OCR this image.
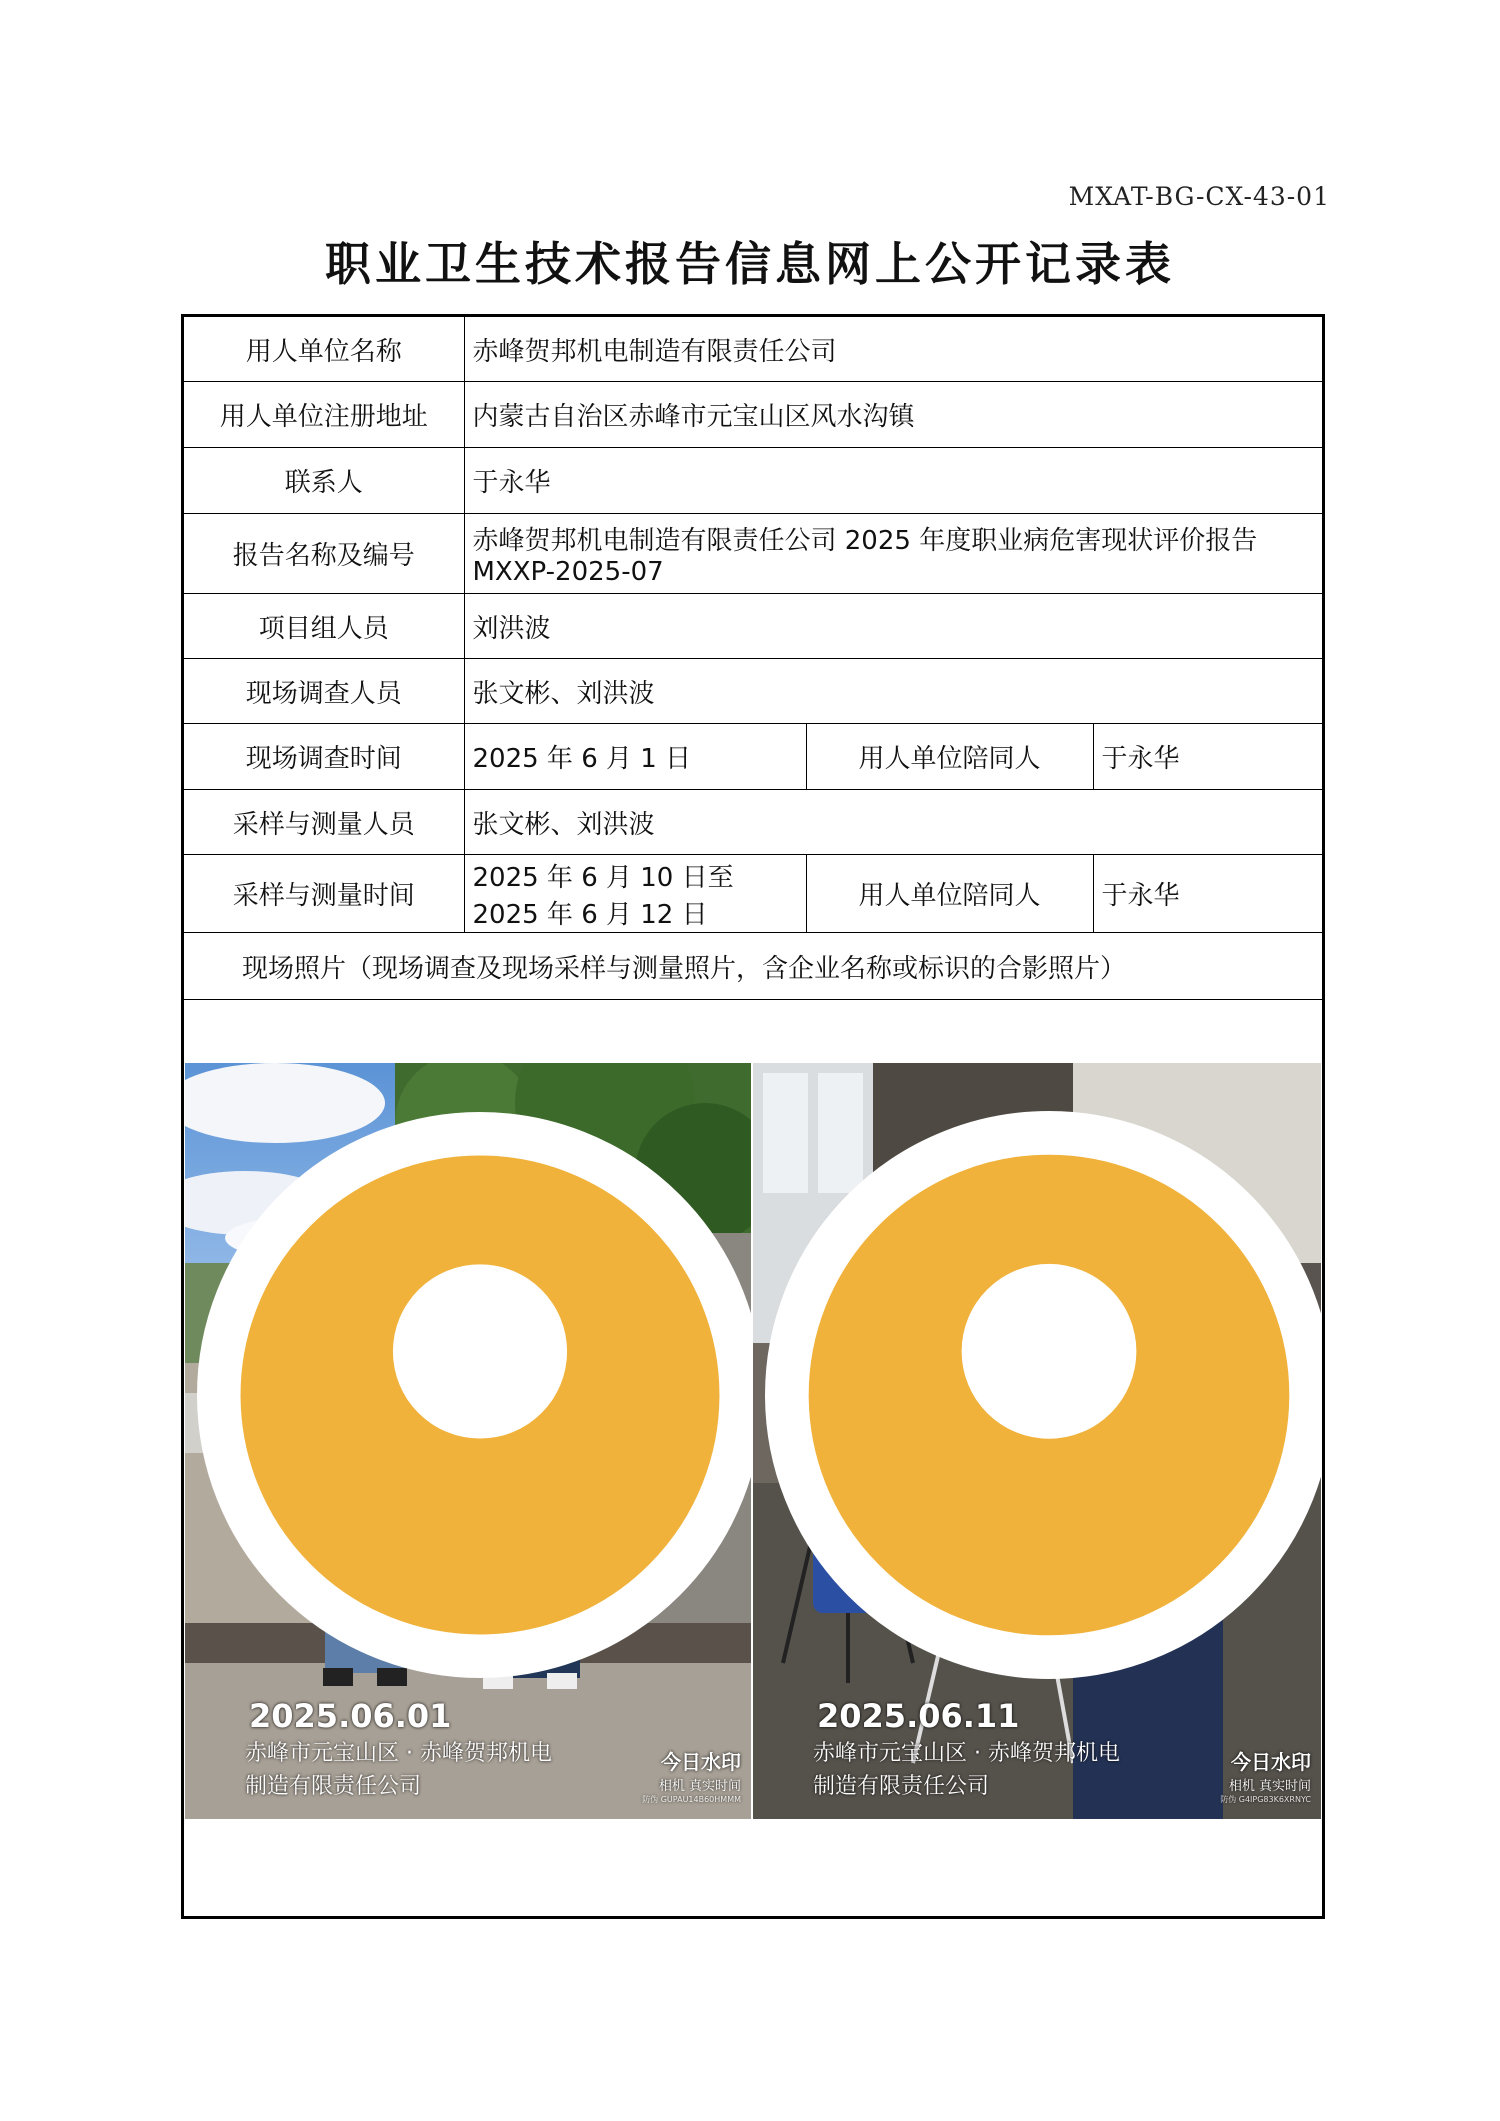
MXAT-BG-CX-43-01
职业卫生技术报告信息网上公开记录表
用人单位名称	赤峰贺邦机电制造有限责任公司		
用人单位注册地址	内蒙古自治区赤峰市元宝山区风水沟镇		
联系人	于永华		
报告名称及编号	赤峰贺邦机电制造有限责任公司 2025 年度职业病危害现状评价报告
MXXP-2025-07		

项目组人员	刘洪波		
现场调查人员	张文彬、刘洪波		
现场调查时间	2025 年 6 月 1 日	用人单位陪同人	于永华
采样与测量人员	张文彬、刘洪波		
采样与测量时间	2025 年 6 月 10 日至
2025 年 6 月 12 日	用人单位陪同人	于永华
现场照片（现场调查及现场采样与测量照片，含企业名称或标识的合影照片）			
2025.06.01
赤峰市元宝山区 · 赤峰贺邦机电
制造有限责任公司
今日水印
相机 真实时间
防伪 GUPAU14B60HMMM
2025.06.11
赤峰市元宝山区 · 赤峰贺邦机电
制造有限责任公司
今日水印
相机 真实时间
防伪 G4IPG83K6XRNYC
